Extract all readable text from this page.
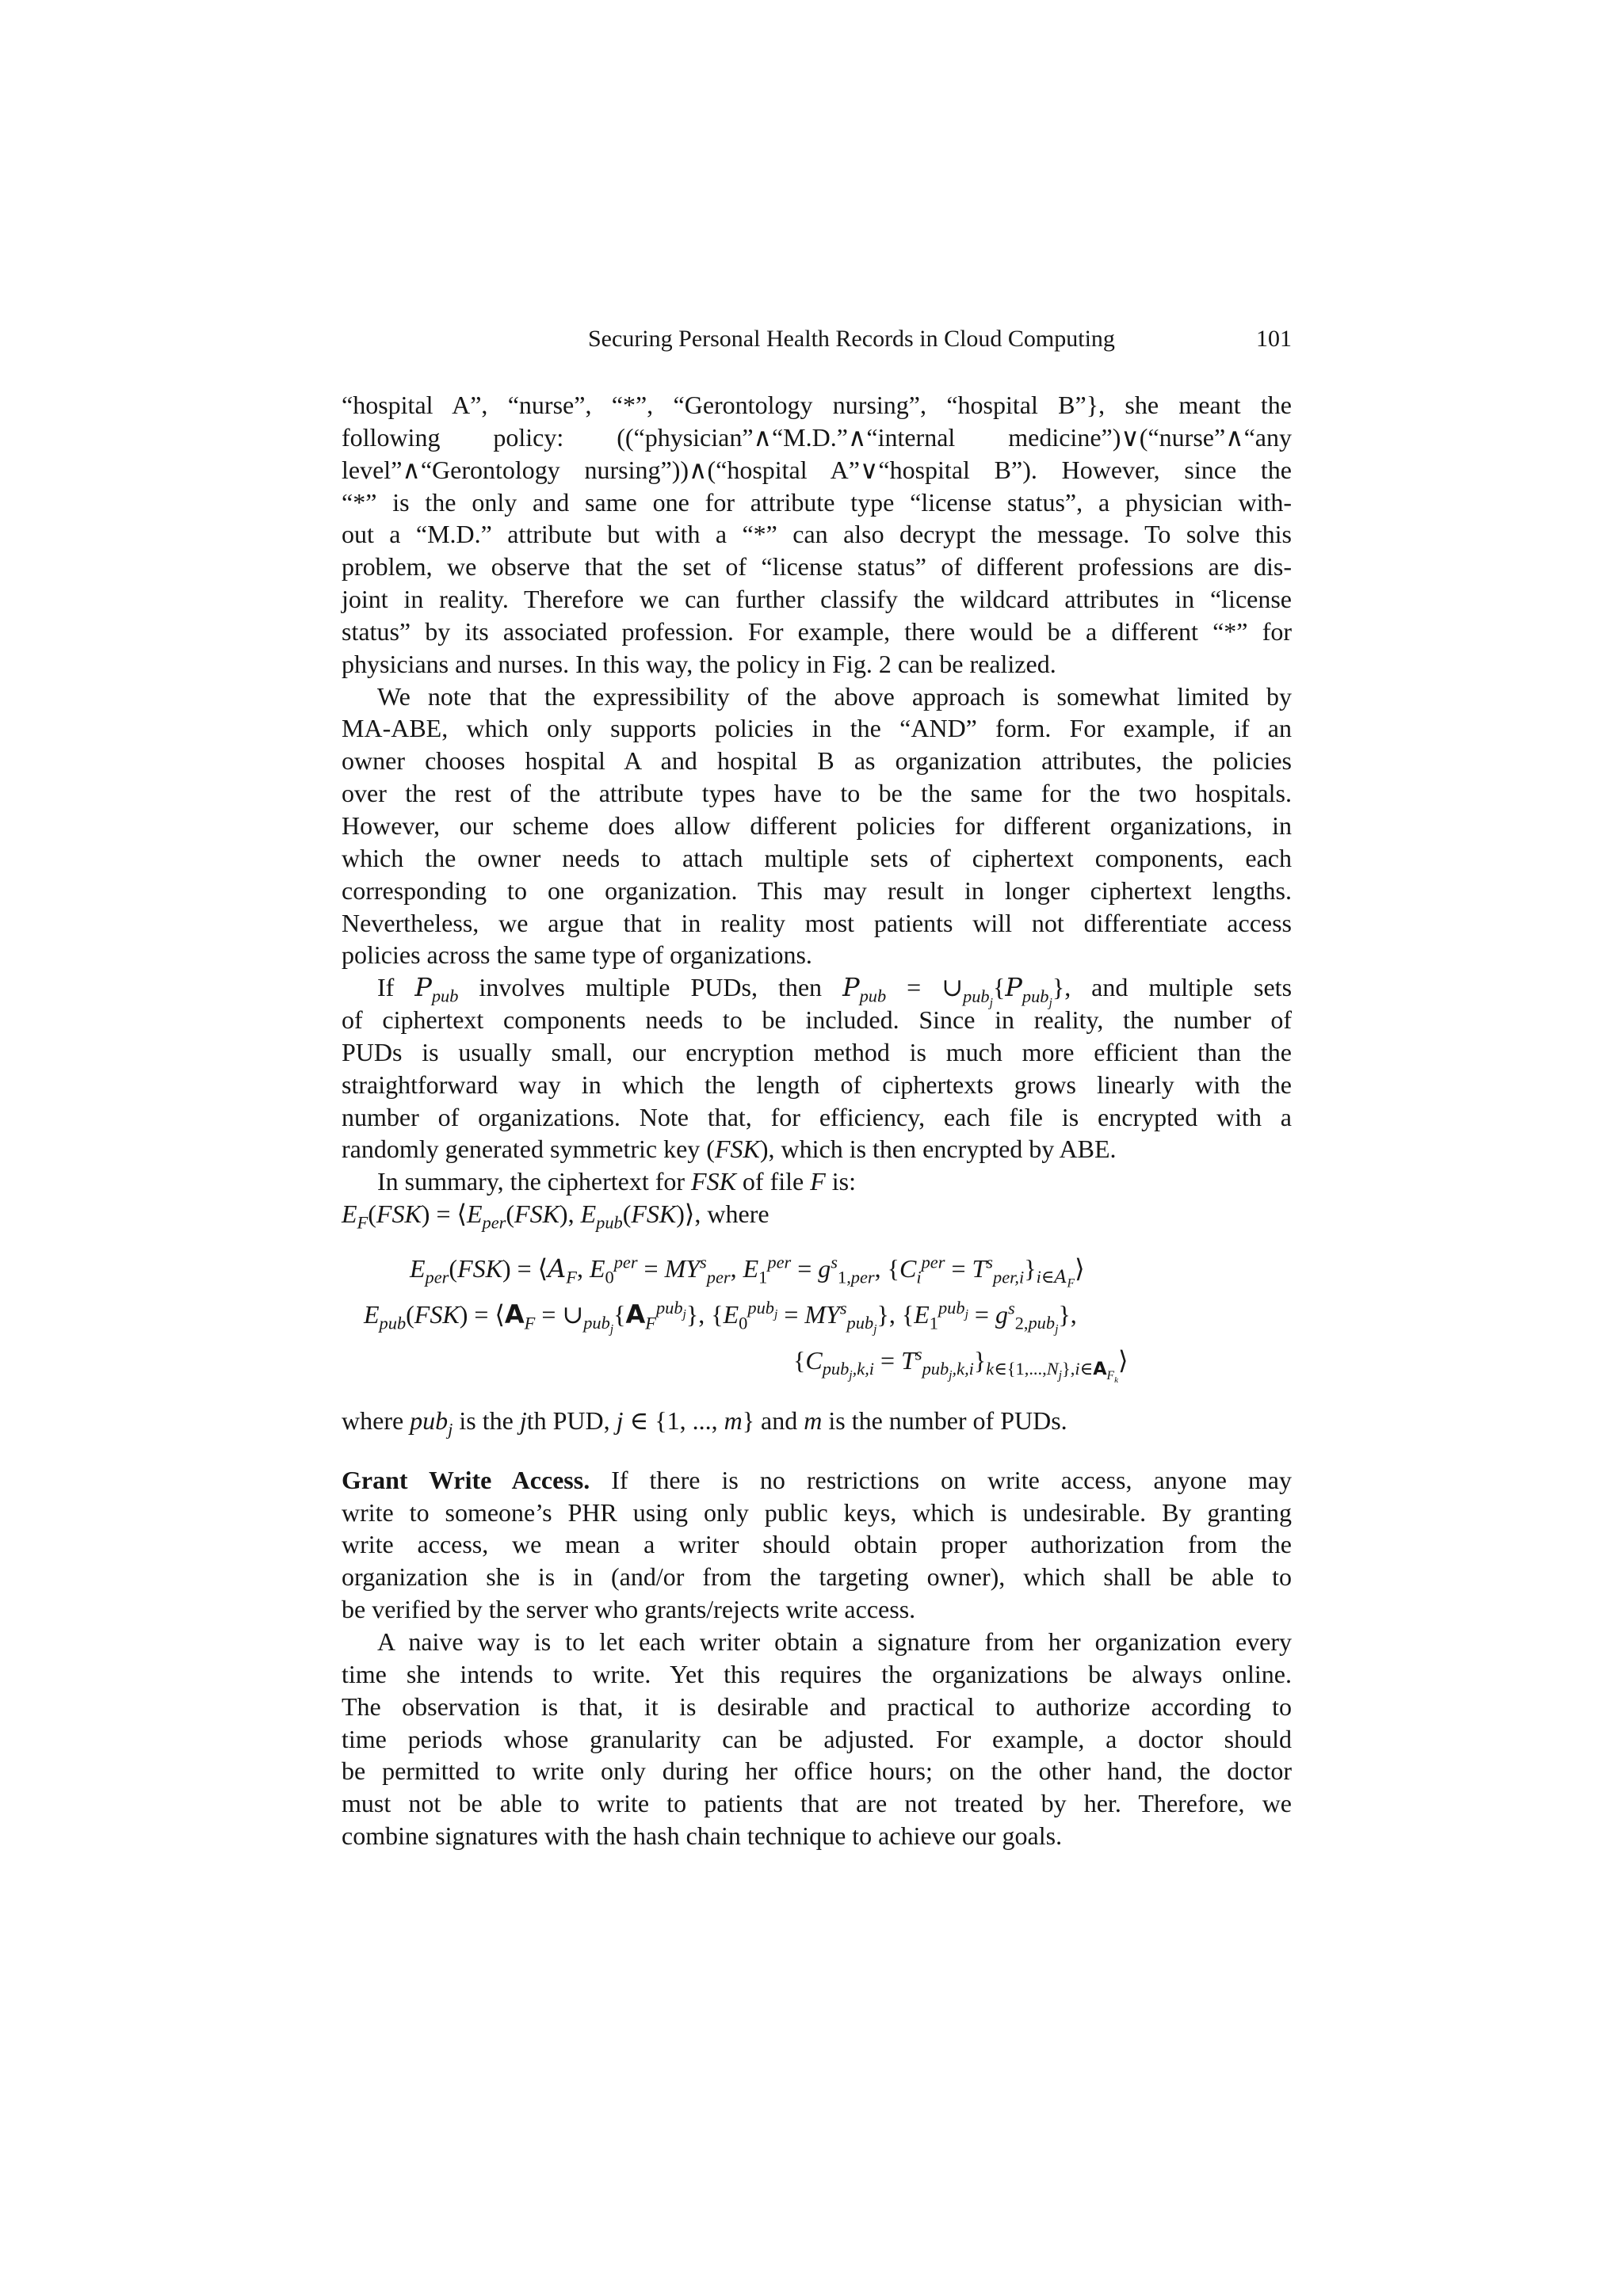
Securing Personal Health Records in Cloud Computing	101
“hospital A”, “nurse”, “*”, “Gerontology nursing”, “hospital B”}, she meant the
following policy: ((“physician”∧“M.D.”∧“internal medicine”)∨(“nurse”∧“any
level”∧“Gerontology nursing”))∧(“hospital A”∨“hospital B”). However, since the
“*” is the only and same one for attribute type “license status”, a physician with-
out a “M.D.” attribute but with a “*” can also decrypt the message. To solve this
problem, we observe that the set of “license status” of different professions are dis-
joint in reality. Therefore we can further classify the wildcard attributes in “license
status” by its associated profession. For example, there would be a different “*” for
physicians and nurses. In this way, the policy in Fig. 2 can be realized.
We note that the expressibility of the above approach is somewhat limited by
MA-ABE, which only supports policies in the “AND” form. For example, if an
owner chooses hospital A and hospital B as organization attributes, the policies
over the rest of the attribute types have to be the same for the two hospitals.
However, our scheme does allow different policies for different organizations, in
which the owner needs to attach multiple sets of ciphertext components, each
corresponding to one organization. This may result in longer ciphertext lengths.
Nevertheless, we argue that in reality most patients will not differentiate access
policies across the same type of organizations.
If $P_{pub}$ involves multiple PUDs, then $P_{pub}$ = $\cup_{pub_j}\{P_{pub_j}\}$, and multiple sets
of ciphertext components needs to be included. Since in reality, the number of
PUDs is usually small, our encryption method is much more efficient than the
straightforward way in which the length of ciphertexts grows linearly with the
number of organizations. Note that, for efficiency, each file is encrypted with a
randomly generated symmetric key (FSK), which is then encrypted by ABE.
In summary, the ciphertext for FSK of file F is:
$E_F(FSK)$ = $⟨E_{per}(FSK)$, $E_{pub}(FSK)⟩$, where
$E_{per}(FSK)$ = $⟨A_F$, $E_0^{per} = MY^s_{per}$, $E_1^{per} = g^s_{1,per}$, {$C_i^{per}$ = $T^s_{per,i}\}_{i\in A_F}⟩$
$E_{pub}(FSK)$ = $⟨A_F$ = $\cup_{pub_j}\{A_F^{pub_j}\}$, $\{E_0^{pub_j} = MY^s_{pub_j}\}$, $\{E_1^{pub_j} = g^s_{2,pub_j}\}$,
{$C_{pub_j,k,i}$ = $T^s_{pub_j,k,i}\}_{k\in\{1,...,N_j\},i\in A_{F_k}}⟩$
where pub$_j$ is the jth PUD, j ∈ {1, ..., m} and m is the number of PUDs.
Grant Write Access. If there is no restrictions on write access, anyone may
write to someone’s PHR using only public keys, which is undesirable. By granting
write access, we mean a writer should obtain proper authorization from the
organization she is in (and/or from the targeting owner), which shall be able to
be verified by the server who grants/rejects write access.
A naive way is to let each writer obtain a signature from her organization every
time she intends to write. Yet this requires the organizations be always online.
The observation is that, it is desirable and practical to authorize according to
time periods whose granularity can be adjusted. For example, a doctor should
be permitted to write only during her office hours; on the other hand, the doctor
must not be able to write to patients that are not treated by her. Therefore, we
combine signatures with the hash chain technique to achieve our goals.
